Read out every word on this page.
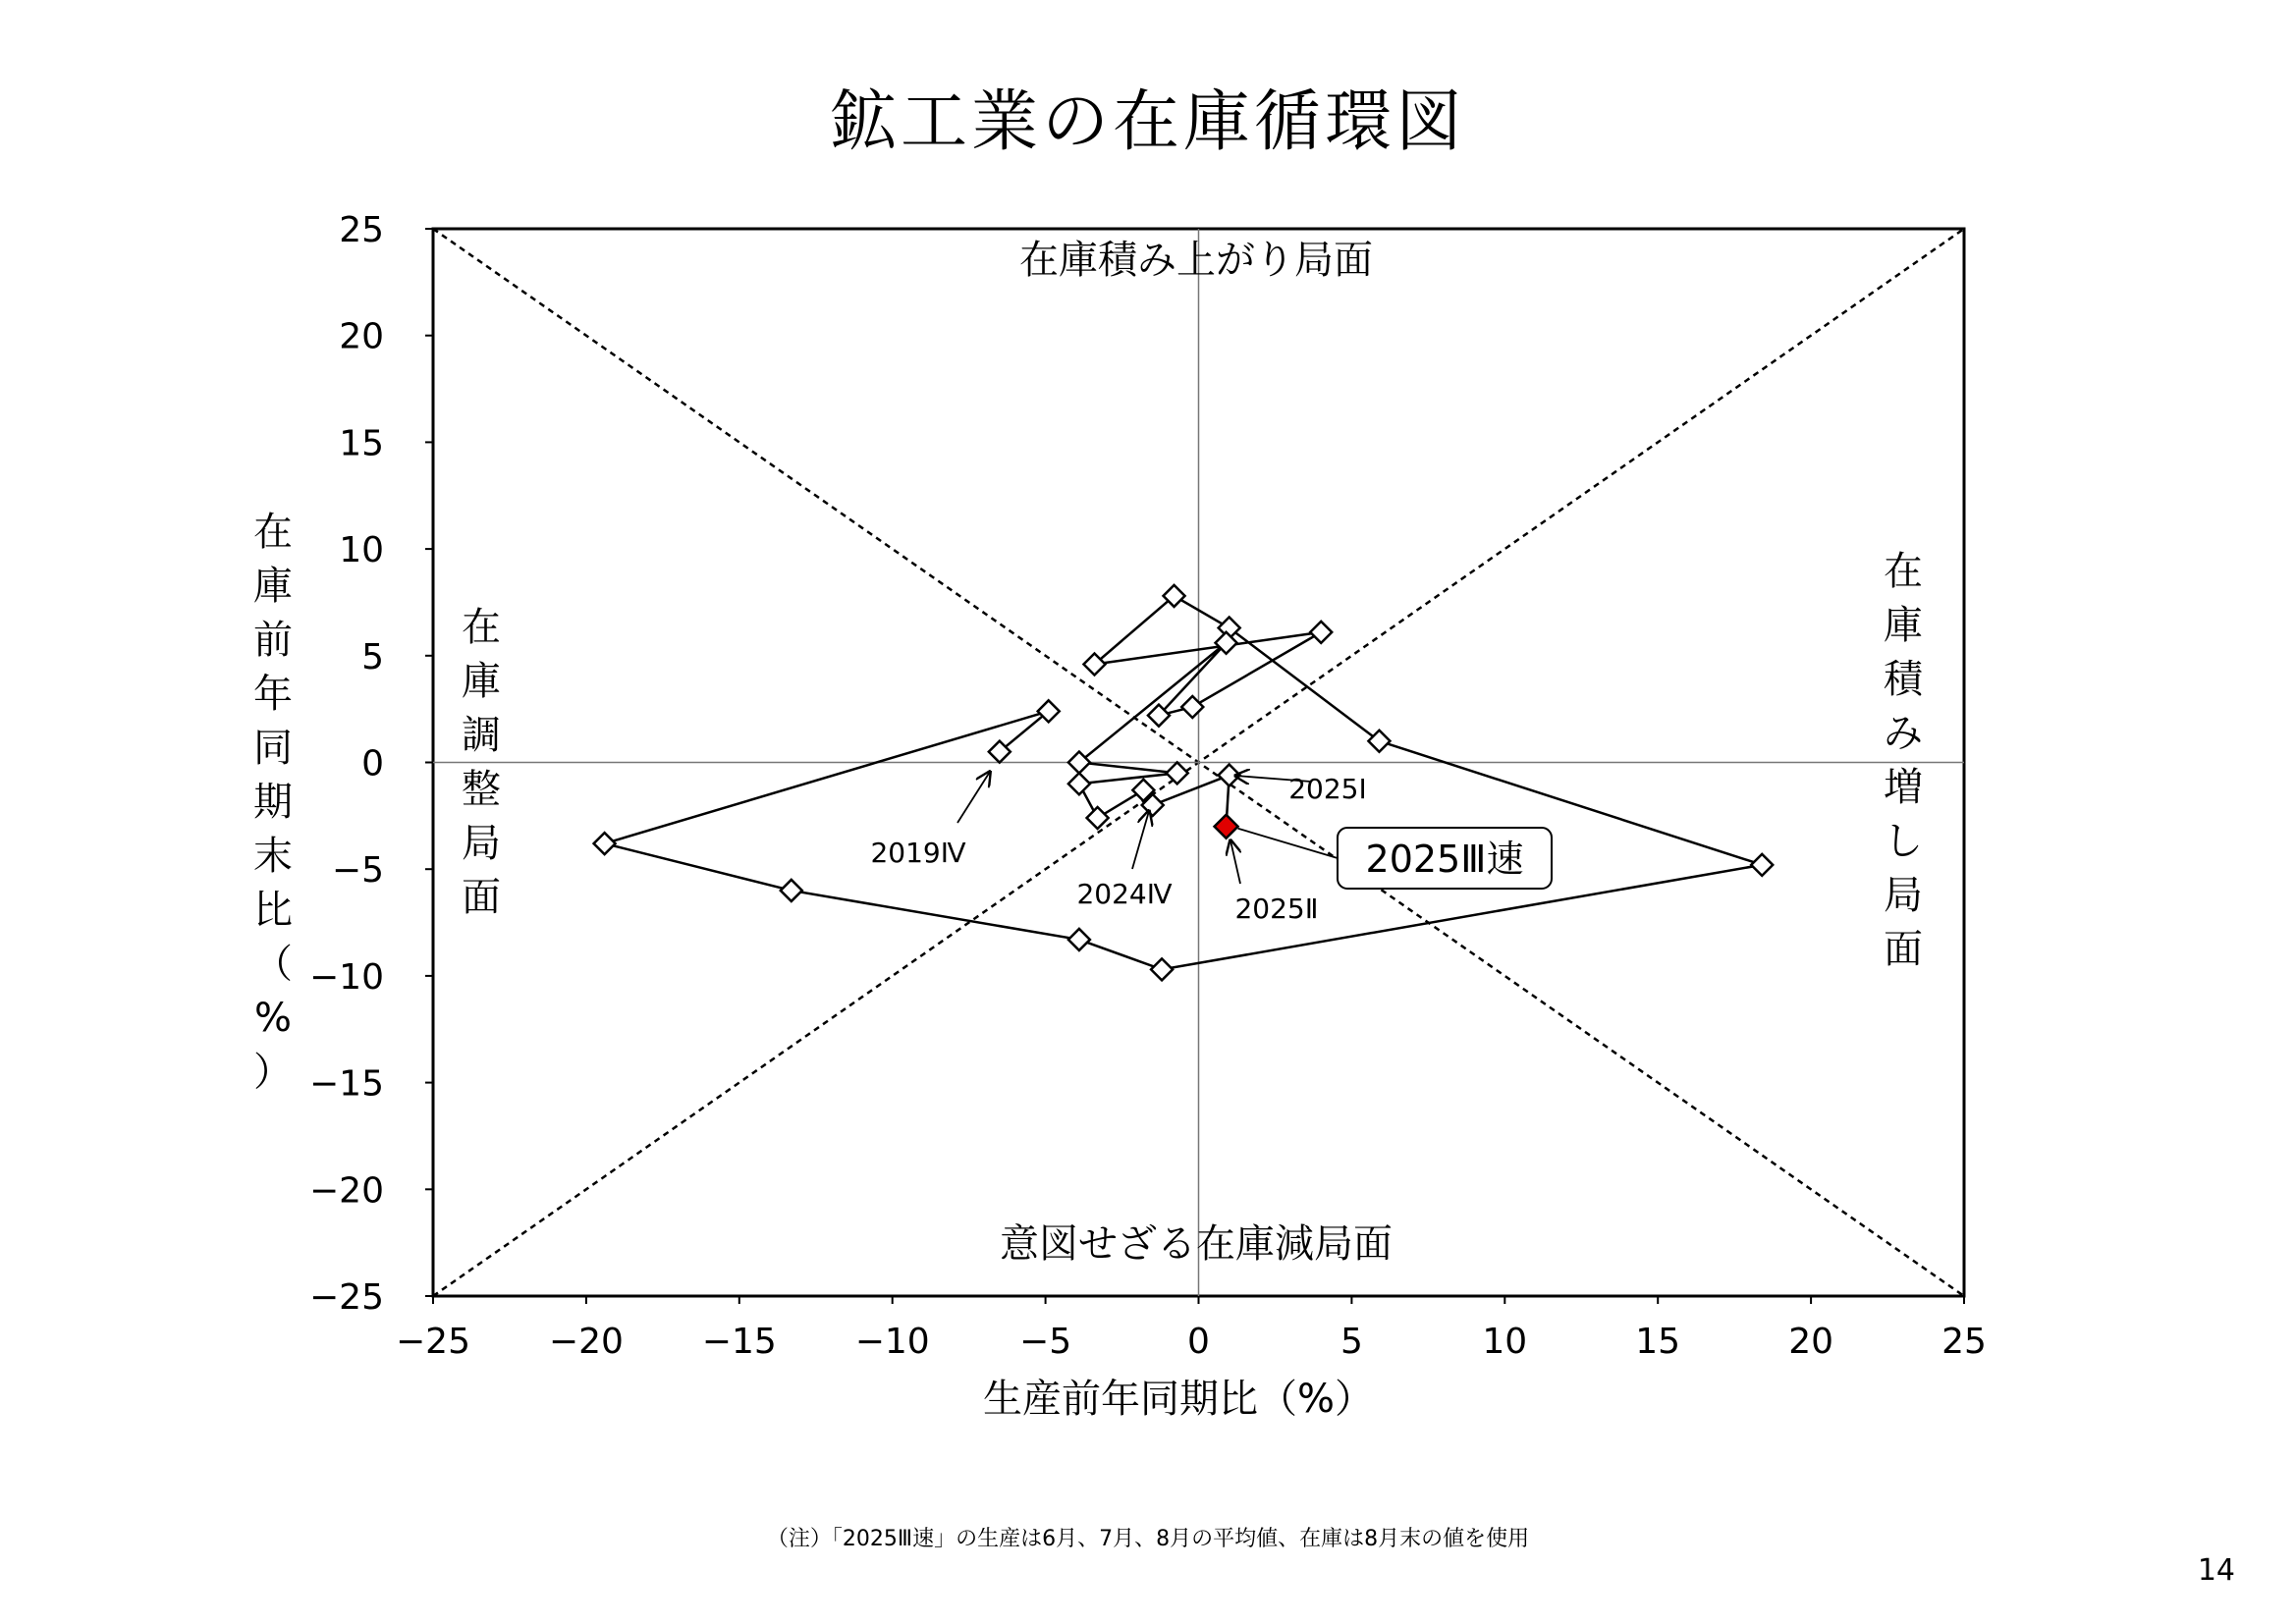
鉱工業の在庫循環図
−25 −20 −15 −10	−5	0	5	10	15	20	25
−25
−20
−15
−10
−5
0
5
10
15
20
25
2019Ⅳ
2024Ⅳ
2025Ⅰ
2025Ⅱ
生産前年同期比（%）
在庫前年同期末比（%）
在庫積み上がり局面
意図せざる在庫減局面
在庫調整局面
在庫積み増し局面
2025Ⅲ速
（注）「2025Ⅲ速」の生産は6月、7月、8月の平均値、在庫は8月末の値を使用
14
